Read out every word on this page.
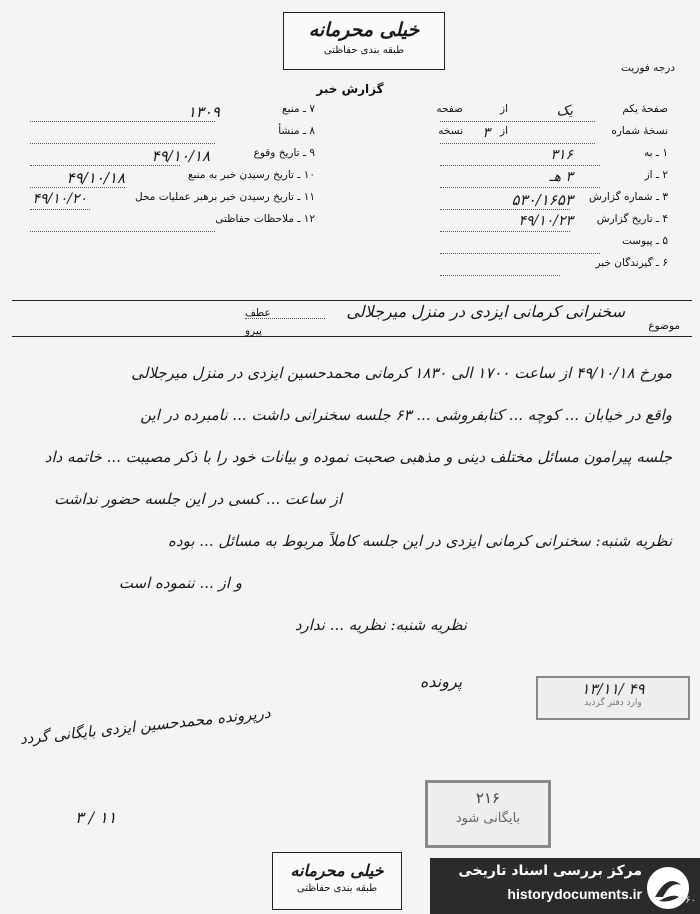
خیلی محرمانه
طبقه بندی حفاظتی
درجه فوریت
گزارش خبر
صفحهٔ یکم
یک
از
صفحه
نسخهٔ شماره
۳ از
نسخه
۱ ـ به
۳۱۶
۲ ـ از
۳ هـ
۳ ـ شماره گزارش
۵۳۰/۱۶۵۳
۴ ـ تاریخ گزارش
۴۹/۱۰/۲۳
۵ ـ پیوست
۶ ـ گیرندگان خبر
۷ ـ منبع
۱۳۰۹
۸ ـ منشأ
۹ ـ تاریخ وقوع
۴۹/۱۰/۱۸
۱۰ ـ تاریخ رسیدن خبر به منبع
۴۹/۱۰/۱۸
۱۱ ـ تاریخ رسیدن خبر برهبر عملیات محل
۴۹/۱۰/۲۰
۱۲ ـ ملاحظات حفاظتی
موضوع
سخنرانی کرمانی ایزدی در منزل میرجلالی
عطف
پیرو
مورخ ۴۹/۱۰/۱۸ از ساعت ۱۷۰۰ الی ۱۸۳۰ کرمانی محمدحسین ایزدی در منزل میرجلالی
واقع در خیابان ... کوچه ... کتابفروشی ... ۶۳ جلسه سخنرانی داشت ... نامبرده در این
جلسه پیرامون مسائل مختلف دینی و مذهبی صحبت نموده و بیانات خود را با ذکر مصیبت ... خاتمه داد
از ساعت ... کسی در این جلسه حضور نداشت
نظریه شنبه: سخنرانی کرمانی ایزدی در این جلسه کاملاً مربوط به مسائل ... بوده
و از ... ننموده است
نظریه شنبه: نظریه ... ندارد
پرونده	۱۳/۱۱/ ۴۹
وارد دفتر گردید
درپرونده محمدحسین ایزدی بایگانی گردد
۳ / ۱۱
۲۱۶
بایگانی شود
خیلی محرمانه
طبقه بندی حفاظتی
۴۶۰
مرکز بررسی اسناد تاریخی
historydocuments.ir
